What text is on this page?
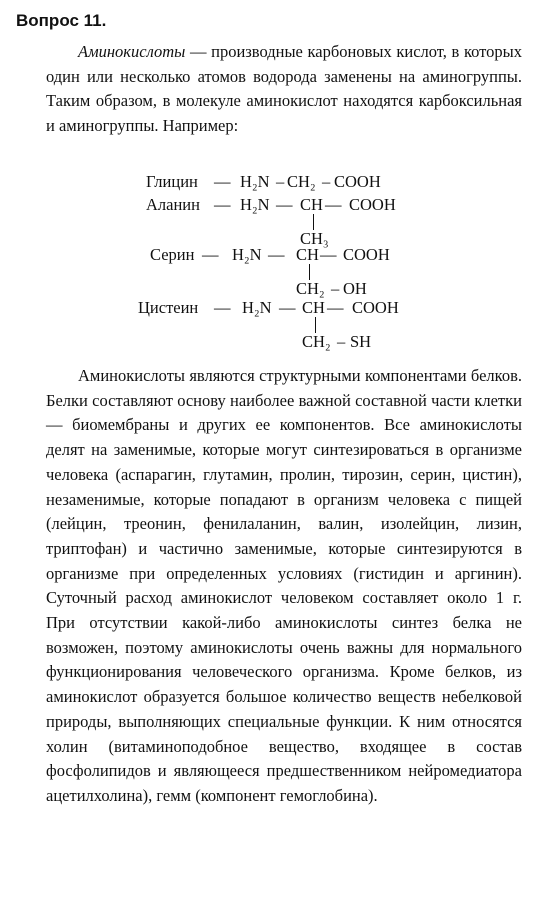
Вопрос 11.

Аминокислоты — производные карбоновых кислот, в которых один или несколько атомов водорода заменены на аминогруппы. Таким образом, в молекуле аминокислот находятся карбоксильная и аминогруппы. Например:

Глицин — H₂N – CH₂ – COOH
Аланин — H₂N — CH — COOH
CH₃
Серин — H₂N — CH — COOH
CH₂ – OH
Цистеин — H₂N — CH — COOH
CH₂ – SH

Аминокислоты являются структурными компонентами белков. Белки составляют основу наиболее важной составной части клетки — биомембраны и других ее компонентов. Все аминокислоты делят на заменимые, которые могут синтезироваться в организме человека (аспарагин, глутамин, пролин, тирозин, серин, цистин), незаменимые, которые попадают в организм человека с пищей (лейцин, треонин, фенилаланин, валин, изолейцин, лизин, триптофан) и частично заменимые, которые синтезируются в организме при определенных условиях (гистидин и аргинин). Суточный расход аминокислот человеком составляет около 1 г. При отсутствии какой-либо аминокислоты синтез белка не возможен, поэтому аминокислоты очень важны для нормального функционирования человеческого организма. Кроме белков, из аминокислот образуется большое количество веществ небелковой природы, выполняющих специальные функции. К ним относятся холин (витаминоподобное вещество, входящее в состав фосфолипидов и являющееся предшественником нейромедиатора ацетилхолина), гемм (компонент гемоглобина).
